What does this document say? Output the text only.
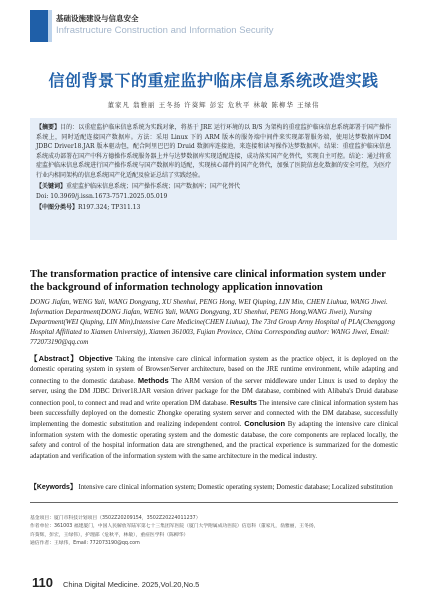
基础设施建设与信息安全
Infrastructure Construction and Information Security
信创背景下的重症监护临床信息系统改造实践
董家凡 翁雅丽 王冬扬 许葵辉 彭宏 危秋平 林敏 陈柳华 王绿伟

【摘要】目的：以重症监护临床信息系统为实践对象，将基于 JRE 运行环境的以 B/S 为架构的重症监护临床信息系统部署于国产操作系统上，同时适配连接国产数据库。方法：采用 Linux 下的 ARM 版本的服务端中间件来实现部署服务端，使用达梦数据库DM JDBC Driver18.JAR 版本驱动包，配合阿里巴巴的 Druid 数据库连接池，来连接和读写操作达梦数据库。结果：重症监护临床信息系统成功部署在国产中科方德操作系统服务器上并与达梦数据库实现适配连接，成功落实国产化替代，实现自主可控。结论：通过将重症监护临床信息系统进行国产操作系统与国产数据库的适配，实现核心部件的国产化替代，加强了医院信息化数据的安全可控，为医疗行业内相同架构的信息系统国产化适配及验证总结了实践经验。

【关键词】重症监护临床信息系统；国产操作系统；国产数据库；国产化替代

Doi: 10.3969/j.issn.1673-7571.2025.05.019

【中图分类号】R197.324; TP311.13

The transformation practice of intensive care clinical information system under the background of information technology application innovation
DONG Jiafan, WENG Yali, WANG Dongyang, XU Shenhui, PENG Hong, WEI Qiuping, LIN Min, CHEN Liuhua, WANG Jiwei. Information Department(DONG Jiafan, WENG Yali, WANG Dongyang, XU Shenhui, PENG Hong,WANG Jiwei), Nursing Department(WEI Qiuping, LIN Min),Intensive Care Medicine(CHEN Liuhua), The 73rd Group Army Hospital of PLA(Chenggong Hospital Affiliated to Xiamen University), Xiamen 361003, Fujian Province, China Corresponding author: WANG Jiwei, Email: 772073190@qq.com

【Abstract】Objective Taking the intensive care clinical information system as the practice object, it is deployed on the domestic operating system in system of Browser/Server architecture, based on the JRE runtime environment, while adapting and connecting to the domestic database. Methods The ARM version of the server middleware under Linux is used to deploy the server, using the DM JDBC Driver18.JAR version driver package for the DM database, combined with Alibaba's Druid database connection pool, to connect and read and write operation DM database. Results The intensive care clinical information system has been successfully deployed on the domestic Zhongke operating system server and connected with the DM database, successfully implementing the domestic substitution and realizing independent control. Conclusion By adapting the intensive care clinical information system with the domestic operating system and the domestic database, the core components are replaced locally, the safety and control of the hospital information data are strengthened, and the practical experience is summarized for the domestic adaptation and verification of the information system with the same architecture in the medical industry.

【Keywords】 Intensive care clinical information system; Domestic operating system; Domestic database; Localized substitution

基金项目：厦门市科技计划项目（3502Z20209154，3502Z20224011237）

作者单位：361003 福建厦门，中国人民解放军陆军第七十三集团军医院（厦门大学附属成功医院）信息科（董家凡，翁雅丽，王冬扬，

许葵辉，彭宏，王绿伟），护理部（危秋平，林敏），重症医学科（陈柳华）

通信作者：王绿伟，Email: 772073190@qq.com

110 China Digital Medicine. 2025,Vol.20,No.5
